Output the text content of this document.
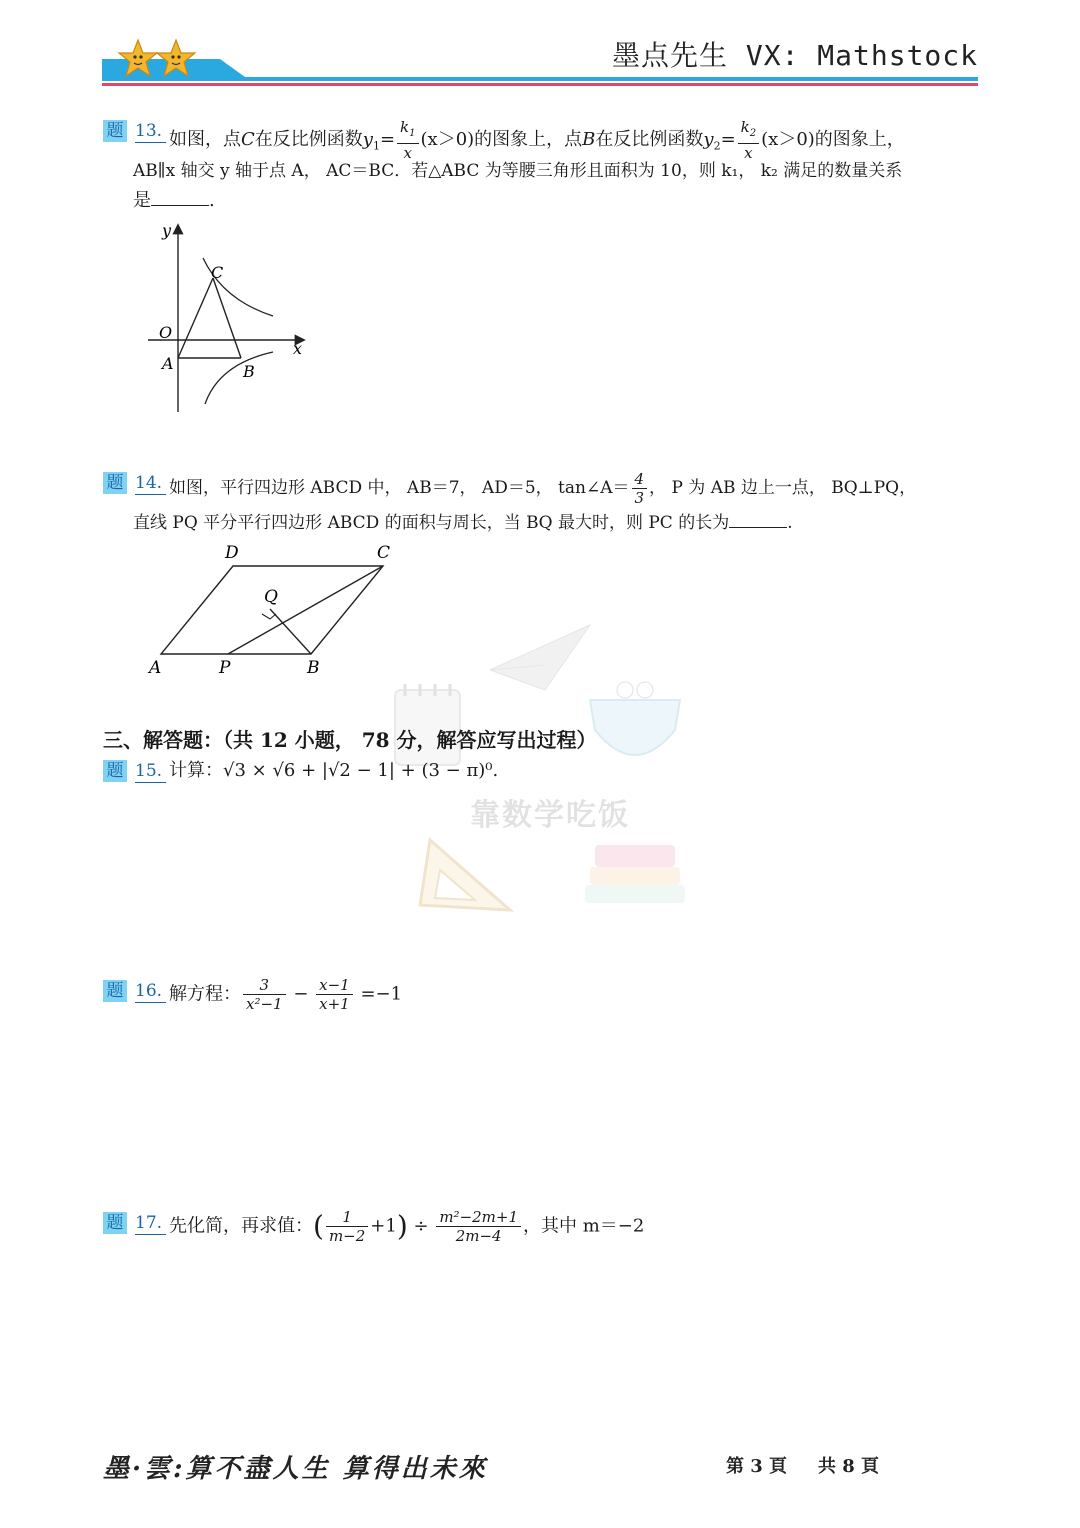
墨点先生 VX: Mathstock
题 13. 如图，点C在反比例函数$y_1= \frac{k_1}{x} (x>0)$的图象上，点B在反比例函数$y_2= \frac{k_2}{x} (x>0)$的图象上，
AB∥x 轴交 y 轴于点 A， AC＝BC．若△ABC 为等腰三角形且面积为 10，则 k₁， k₂ 满足的数量关系
是	.
y
x
O
A	B
C
题 14. 如图，平行四边形 ABCD 中， AB＝7， AD＝5， tan∠A＝ $\frac{4}{3}$ ， P 为 AB 边上一点， BQ⊥PQ，
直线 PQ 平分平行四边形 ABCD 的面积与周长，当 BQ 最大时，则 PC 的长为	.
A	P	B
C
D
Q
靠数学吃饭
三、解答题：（共 12 小题， 78 分，解答应写出过程）
题 15. 计算：√3 × √6 + |√2 − 1| + (3 − π)⁰.
题 16. 解方程： $\frac{3}{\text{x²−1}} - \frac{x-1}{x+1} =-1$
题 17. 先化简，再求值：( $\frac{1}{m-2} +1) \div \frac{\text{m²−2m+1}}{2m-4}$ ，其中 m＝−2
墨·雲:算不盡人生 算得出未來	第 3 頁 共 8 頁
